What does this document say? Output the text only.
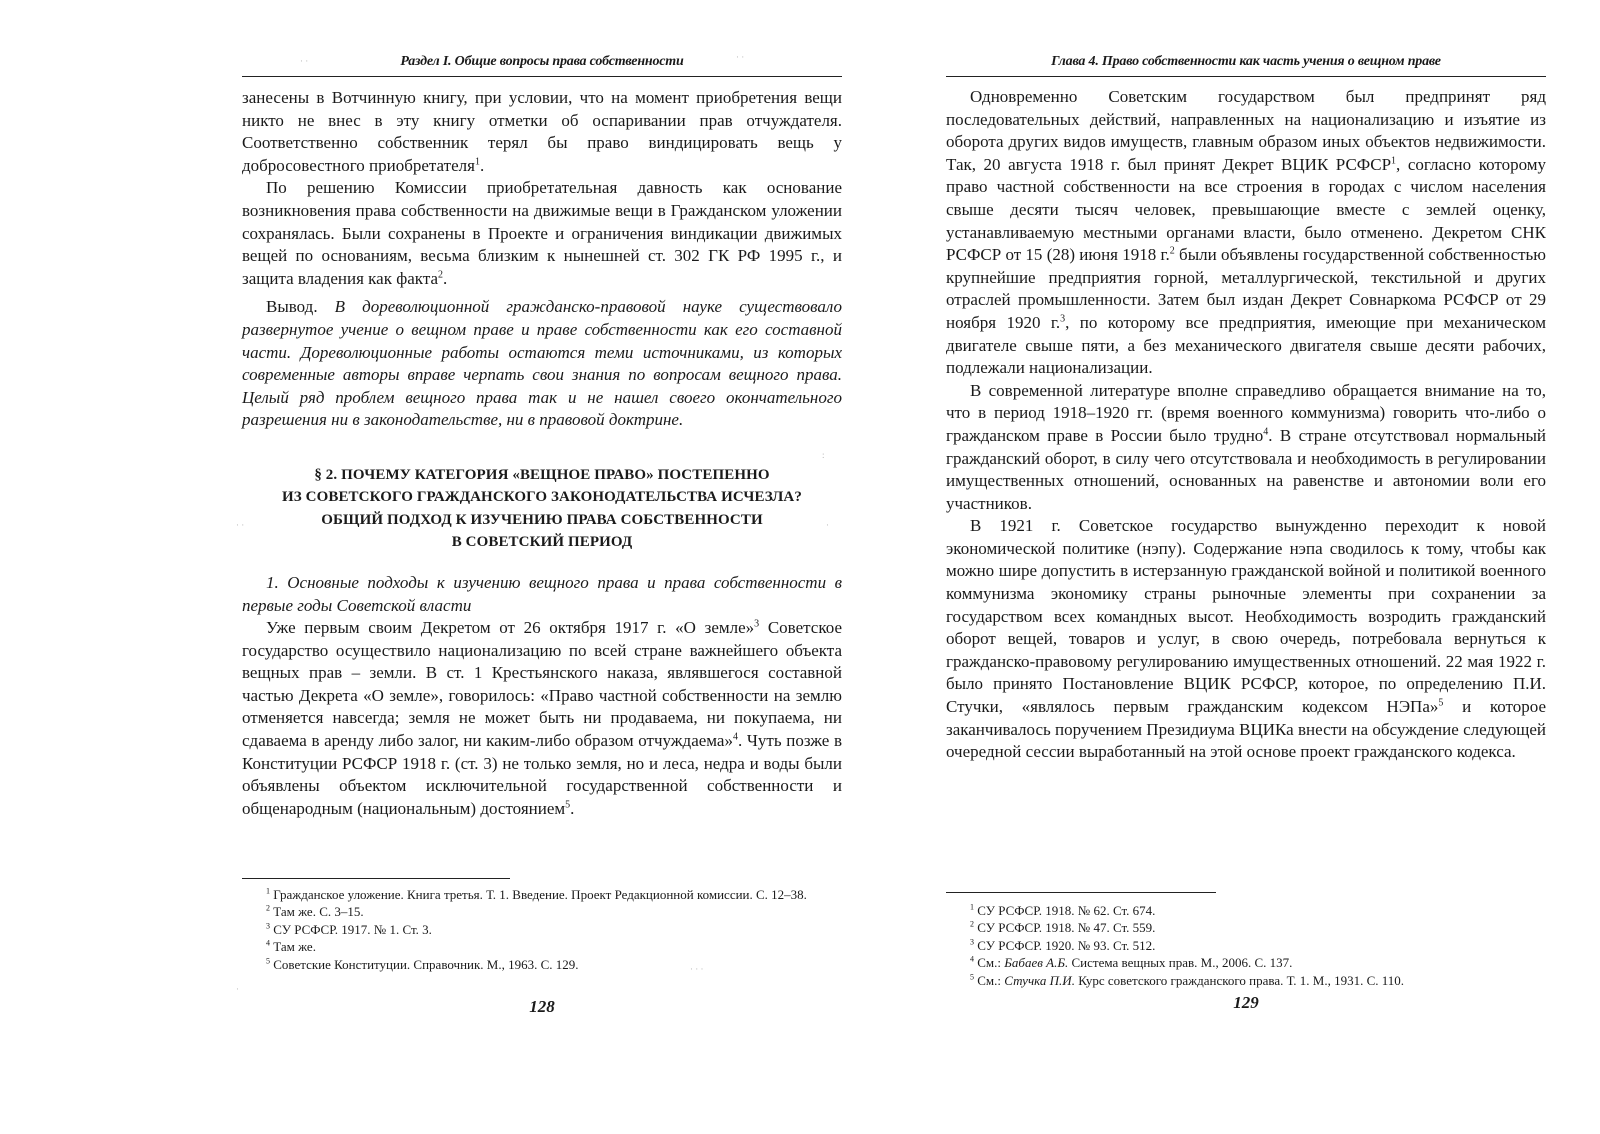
Раздел I. Общие вопросы права собственности

занесены в Вотчинную книгу, при условии, что на момент приобретения вещи никто не внес в эту книгу отметки об оспаривании прав отчуждателя. Соответственно собственник терял бы право виндицировать вещь у добросовестного приобретателя$^1$.

По решению Комиссии приобретательная давность как основание возникновения права собственности на движимые вещи в Гражданском уложении сохранялась. Были сохранены в Проекте и ограничения виндикации движимых вещей по основаниям, весьма близким к нынешней ст. 302 ГК РФ 1995 г., и защита владения как факта$^2$.

Вывод. В дореволюционной гражданско-правовой науке существовало развернутое учение о вещном праве и праве собственности как его составной части. Дореволюционные работы остаются теми источниками, из которых современные авторы вправе черпать свои знания по вопросам вещного права. Целый ряд проблем вещного права так и не нашел своего окончательного разрешения ни в законодательстве, ни в правовой доктрине.

§ 2. ПОЧЕМУ КАТЕГОРИЯ «ВЕЩНОЕ ПРАВО» ПОСТЕПЕННО
ИЗ СОВЕТСКОГО ГРАЖДАНСКОГО ЗАКОНОДАТЕЛЬСТВА ИСЧЕЗЛА?
ОБЩИЙ ПОДХОД К ИЗУЧЕНИЮ ПРАВА СОБСТВЕННОСТИ
В СОВЕТСКИЙ ПЕРИОД

1. Основные подходы к изучению вещного права и права собственности в первые годы Советской власти

Уже первым своим Декретом от 26 октября 1917 г. «О земле»$^3$ Советское государство осуществило национализацию по всей стране важнейшего объекта вещных прав – земли. В ст. 1 Крестьянского наказа, являвшегося составной частью Декрета «О земле», говорилось: «Право частной собственности на землю отменяется навсегда; земля не может быть ни продаваема, ни покупаема, ни сдаваема в аренду либо залог, ни каким-либо образом отчуждаема»$^4$. Чуть позже в Конституции РСФСР 1918 г. (ст. 3) не только земля, но и леса, недра и воды были объявлены объектом исключительной государственной собственности и общенародным (национальным) достоянием$^5$.

$^1$ Гражданское уложение. Книга третья. Т. 1. Введение. Проект Редакционной комиссии. С. 12–38.

$^2$ Там же. С. 3–15.

$^3$ СУ РСФСР. 1917. № 1. Ст. 3.

$^4$ Там же.

$^5$ Советские Конституции. Справочник. М., 1963. С. 129.

128
Глава 4. Право собственности как часть учения о вещном праве

Одновременно Советским государством был предпринят ряд последовательных действий, направленных на национализацию и изъятие из оборота других видов имуществ, главным образом иных объектов недвижимости. Так, 20 августа 1918 г. был принят Декрет ВЦИК РСФСР$^1$, согласно которому право частной собственности на все строения в городах с числом населения свыше десяти тысяч человек, превышающие вместе с землей оценку, устанавливаемую местными органами власти, было отменено. Декретом СНК РСФСР от 15 (28) июня 1918 г.$^2$ были объявлены государственной собственностью крупнейшие предприятия горной, металлургической, текстильной и других отраслей промышленности. Затем был издан Декрет Совнаркома РСФСР от 29 ноября 1920 г.$^3$, по которому все предприятия, имеющие при механическом двигателе свыше пяти, а без механического двигателя свыше десяти рабочих, подлежали национализации.

В современной литературе вполне справедливо обращается внимание на то, что в период 1918–1920 гг. (время военного коммунизма) говорить что-либо о гражданском праве в России было трудно$^4$. В стране отсутствовал нормальный гражданский оборот, в силу чего отсутствовала и необходимость в регулировании имущественных отношений, основанных на равенстве и автономии воли его участников.

В 1921 г. Советское государство вынужденно переходит к новой экономической политике (нэпу). Содержание нэпа сводилось к тому, чтобы как можно шире допустить в истерзанную гражданской войной и политикой военного коммунизма экономику страны рыночные элементы при сохранении за государством всех командных высот. Необходимость возродить гражданский оборот вещей, товаров и услуг, в свою очередь, потребовала вернуться к гражданско-правовому регулированию имущественных отношений. 22 мая 1922 г. было принято Постановление ВЦИК РСФСР, которое, по определению П.И. Стучки, «являлось первым гражданским кодексом НЭПа»$^5$ и которое заканчивалось поручением Президиума ВЦИКа внести на обсуждение следующей очередной сессии выработанный на этой основе проект гражданского кодекса.

$^1$ СУ РСФСР. 1918. № 62. Ст. 674.

$^2$ СУ РСФСР. 1918. № 47. Ст. 559.

$^3$ СУ РСФСР. 1920. № 93. Ст. 512.

$^4$ См.: Бабаев А.Б. Система вещных прав. М., 2006. С. 137.

$^5$ См.: Стучка П.И. Курс советского гражданского права. Т. 1. М., 1931. С. 110.

129
· ·	· ·
:
·
· ·
· · ·
·
